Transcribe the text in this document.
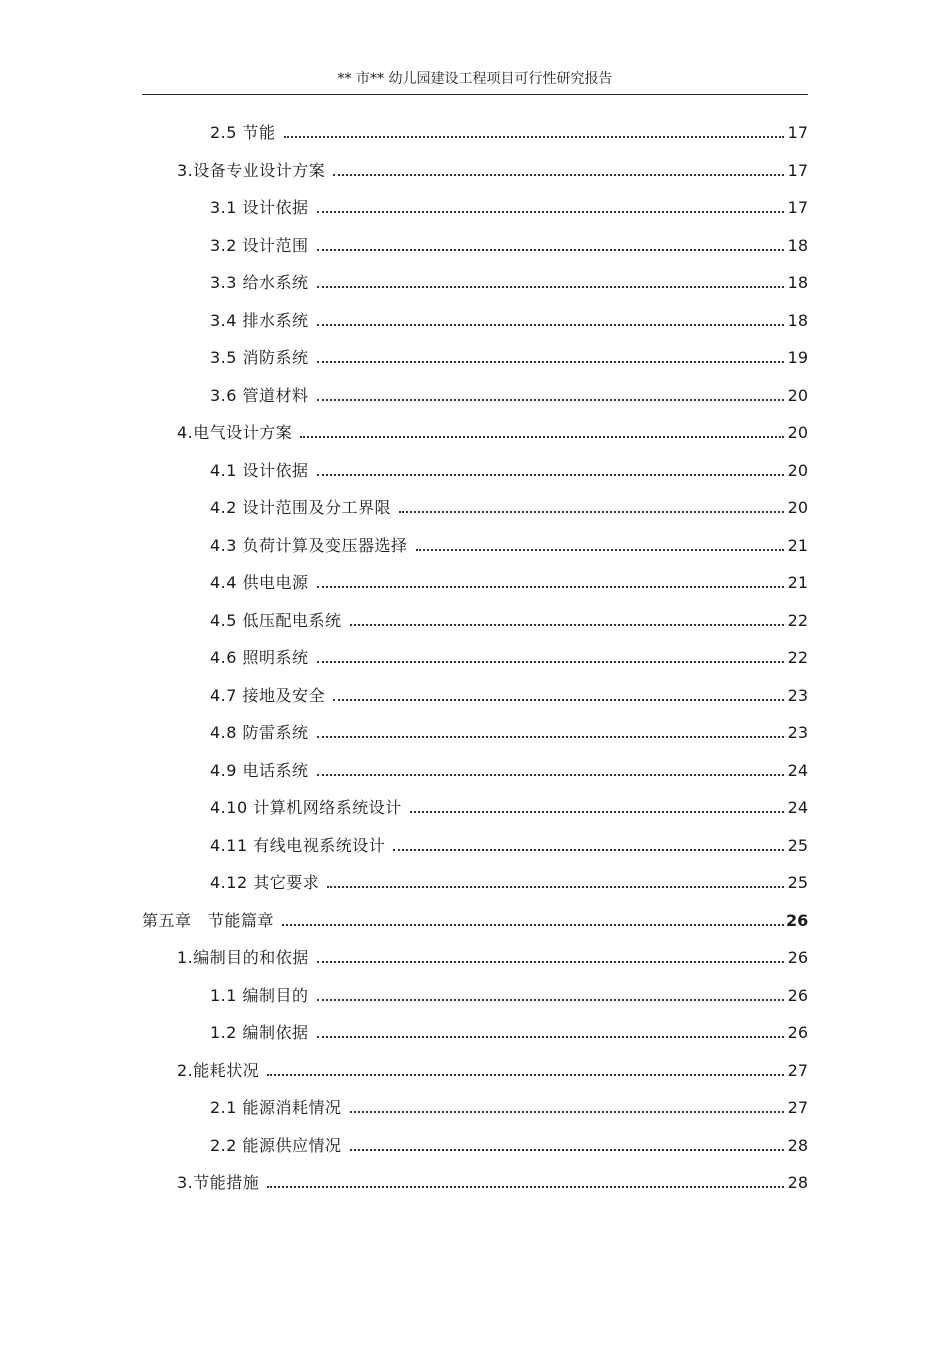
** 市** 幼儿园建设工程项目可行性研究报告
2.5 节能	17
3.设备专业设计方案	17
3.1 设计依据	17
3.2 设计范围	18
3.3 给水系统	18
3.4 排水系统	18
3.5 消防系统	19
3.6 管道材料	20
4.电气设计方案	20
4.1 设计依据	20
4.2 设计范围及分工界限	20
4.3 负荷计算及变压器选择	21
4.4 供电电源	21
4.5 低压配电系统	22
4.6 照明系统	22
4.7 接地及安全	23
4.8 防雷系统	23
4.9 电话系统	24
4.10 计算机网络系统设计	24
4.11 有线电视系统设计	25
4.12 其它要求	25
第五章　节能篇章	26
1.编制目的和依据	26
1.1 编制目的	26
1.2 编制依据	26
2.能耗状况	27
2.1 能源消耗情况	27
2.2 能源供应情况	28
3.节能措施	28
